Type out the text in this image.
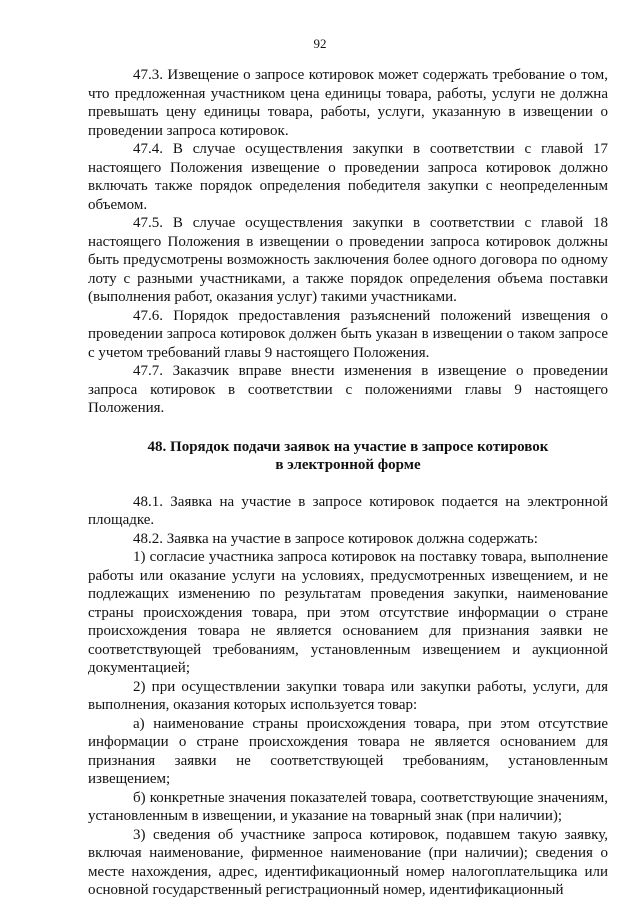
92

47.3. Извещение о запросе котировок может содержать требование о том, что предложенная участником цена единицы товара, работы, услуги не должна превышать цену единицы товара, работы, услуги, указанную в извещении о проведении запроса котировок.

47.4. В случае осуществления закупки в соответствии с главой 17 настоящего Положения извещение о проведении запроса котировок должно включать также порядок определения победителя закупки с неопределенным объемом.

47.5. В случае осуществления закупки в соответствии с главой 18 настоящего Положения в извещении о проведении запроса котировок должны быть предусмотрены возможность заключения более одного договора по одному лоту с разными участниками, а также порядок определения объема поставки (выполнения работ, оказания услуг) такими участниками.

47.6. Порядок предоставления разъяснений положений извещения о проведении запроса котировок должен быть указан в извещении о таком запросе с учетом требований главы 9 настоящего Положения.

47.7. Заказчик вправе внести изменения в извещение о проведении запроса котировок в соответствии с положениями главы 9 настоящего Положения.

48. Порядок подачи заявок на участие в запросе котировок
в электронной форме

48.1. Заявка на участие в запросе котировок подается на электронной площадке.

48.2. Заявка на участие в запросе котировок должна содержать:

1) согласие участника запроса котировок на поставку товара, выполнение работы или оказание услуги на условиях, предусмотренных извещением, и не подлежащих изменению по результатам проведения закупки, наименование страны происхождения товара, при этом отсутствие информации о стране происхождения товара не является основанием для признания заявки не соответствующей требованиям, установленным извещением и аукционной документацией;

2) при осуществлении закупки товара или закупки работы, услуги, для выполнения, оказания которых используется товар:

а) наименование страны происхождения товара, при этом отсутствие информации о стране происхождения товара не является основанием для признания заявки не соответствующей требованиям, установленным извещением;

б) конкретные значения показателей товара, соответствующие значениям, установленным в извещении, и указание на товарный знак (при наличии);

3) сведения об участнике запроса котировок, подавшем такую заявку, включая наименование, фирменное наименование (при наличии); сведения о месте нахождения, адрес, идентификационный номер налогоплательщика или основной государственный регистрационный номер, идентификационный
